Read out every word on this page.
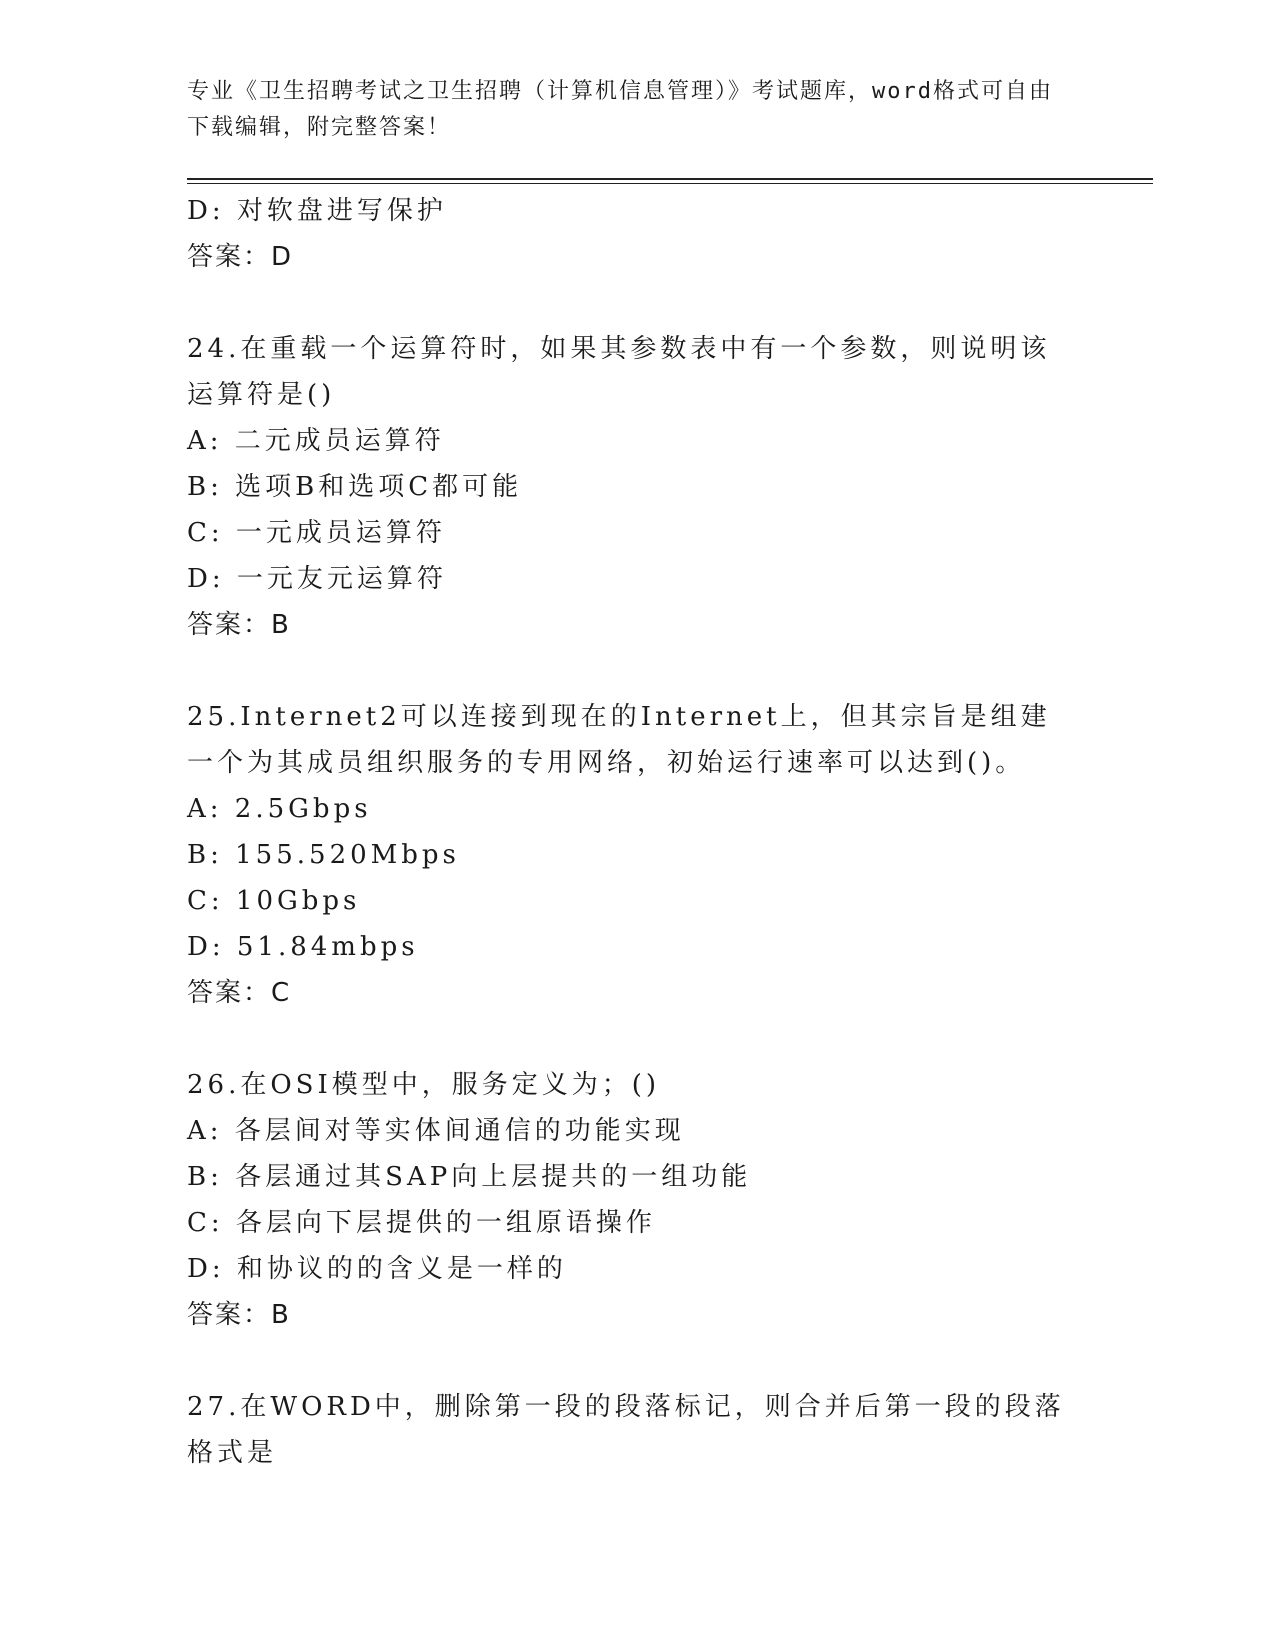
专业《卫生招聘考试之卫生招聘（计算机信息管理）》考试题库，word格式可自由下载编辑，附完整答案！
D: 对软盘进写保护
答案：D
24.在重载一个运算符时，如果其参数表中有一个参数，则说明该运算符是()
A: 二元成员运算符
B: 选项B和选项C都可能
C: 一元成员运算符
D: 一元友元运算符
答案：B
25.Internet2可以连接到现在的Internet上，但其宗旨是组建一个为其成员组织服务的专用网络，初始运行速率可以达到()。
A: 2.5Gbps
B: 155.520Mbps
C: 10Gbps
D: 51.84mbps
答案：C
26.在OSI模型中，服务定义为；()
A: 各层间对等实体间通信的功能实现
B: 各层通过其SAP向上层提共的一组功能
C: 各层向下层提供的一组原语操作
D: 和协议的的含义是一样的
答案：B
27.在WORD中，删除第一段的段落标记，则合并后第一段的段落格式是
